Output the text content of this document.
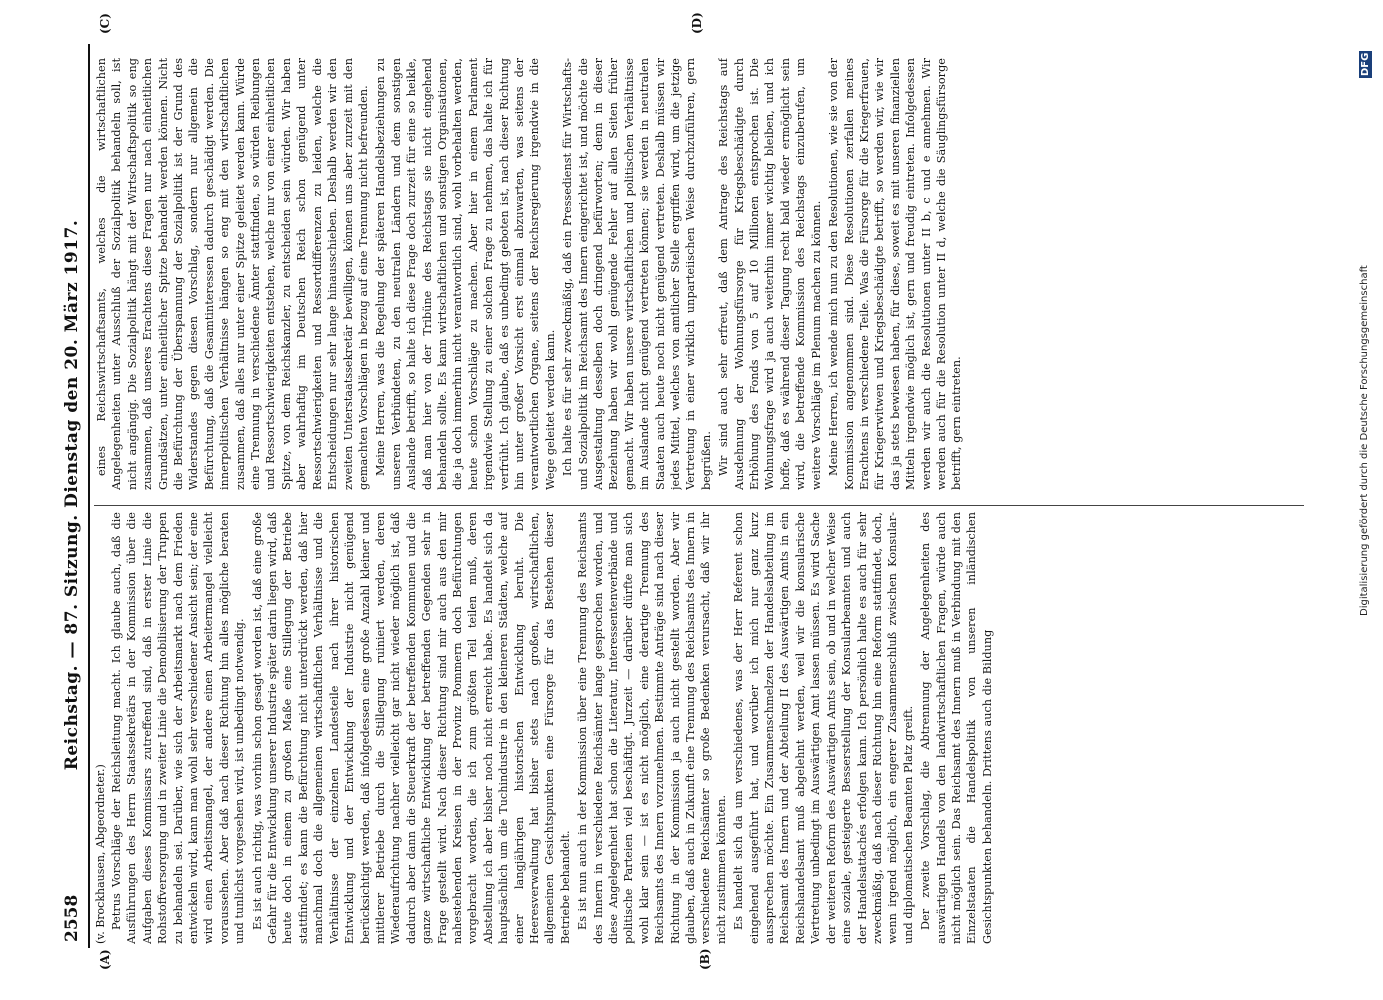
Reichstag. — 87. Sitzung. Dienstag den 20. März 1917.
2558 (v. Brockhausen, Abgeordneter.) Petrus Vorschläge der Reichsleitung macht. Ich glaube auch, daß die Ausführungen des Herrn Staatssekretärs in der Kommission über die Aufgaben dieses Kommissars zutreffend sind, daß in erster Linie die Rohstoffversorgung und in zweiter Linie die Demobilisierung der Truppen zu behandeln sei. Darüber, wie sich der Arbeitsmarkt nach dem Frieden entwickeln wird, kann man wohl sehr verschiedener Ansicht sein; der eine wird einen Arbeitsmangel, der andere einen Arbeitermangel vielleicht voraussehen. Aber daß nach dieser Richtung hin alles mögliche beraten und tunlichst vorgesehen wird, ist unbedingt notwendig. Es ist auch richtig, was vorhin schon gesagt worden ist, daß eine große Gefahr für die Entwicklung unserer Industrie später darin liegen wird, daß heute doch in einem zu großen Maße eine Stillegung der Betriebe stattfindet; es kann die Befürchtung nicht unterdrückt werden, daß hier manchmal doch die allgemeinen wirtschaftlichen Verhältnisse und die Verhältnisse der einzelnen Landesteile nach ihrer historischen Entwicklung und der Entwicklung der Industrie nicht genügend berücksichtigt werden, daß infolgedessen eine große Anzahl kleiner und mittlerer Betriebe durch die Stillegung ruiniert werden, deren Wiederaufrichtung nachher vielleicht gar nicht wieder möglich ist, daß dadurch aber dann die Steuerkraft der betreffenden Kommunen und die ganze wirtschaftliche Entwicklung der betreffenden Gegenden sehr in Frage gestellt wird. Nach dieser Richtung sind mir auch aus den mir nahestehenden Kreisen in der Provinz Pommern doch Befürchtungen vorgebracht worden, die ich zum größten Teil teilen muß, deren Abstellung ich aber bisher noch nicht erreicht habe. Es handelt sich da hauptsächlich um die Tuchindustrie in den kleineren Städten, welche auf einer langjährigen historischen Entwicklung beruht. Die Heeresverwaltung hat bisher stets nach großen, wirtschaftlichen, allgemeinen Gesichtspunkten eine Fürsorge für das Bestehen dieser Betriebe behandelt. Es ist nun auch in der Kommission über eine Trennung des Reichsamts des Innern in verschiedene Reichsämter lange gesprochen worden, und diese Angelegenheit hat schon die Literatur, Interessentenverbände und politische Parteien viel beschäftigt. Jurzeit — darüber dürfte man sich wohl klar sein — ist es nicht möglich, eine derartige Trennung des Reichsamts des Innern vorzunehmen. Bestimmte Anträge sind nach dieser Richtung in der Kommission ja auch nicht gestellt worden. Aber wir glauben, daß auch in Zukunft eine Trennung des Reichsamts des Innern in verschiedene Reichsämter so große Bedenken verursacht, daß wir ihr nicht zustimmen könnten. Es handelt sich da um verschiedenes, was der Herr Referent schon eingehend ausgeführt hat, und worüber ich mich nur ganz kurz aussprechen möchte. Ein Zusammenschmelzen der Handelsabteilung im Reichsamt des Innern und der Abteilung II des Auswärtigen Amts in ein Reichshandelsamt muß abgelehnt werden, weil wir die konsularische Vertretung unbedingt im Auswärtigen Amt lassen müssen. Es wird Sache der weiteren Reform des Auswärtigen Amts sein, ob und in welcher Weise eine soziale, gesteigerte Besserstellung der Konsularbeamten und auch der Handelsattachés erfolgen kann. Ich persönlich halte es auch für sehr zweckmäßig, daß nach dieser Richtung hin eine Reform stattfindet, doch, wenn irgend möglich, ein engerer Zusammenschluß zwischen Konsular- und diplomatischen Beamten Platz greift. Der zweite Vorschlag, die Abtrennung der Angelegenheiten des auswärtigen Handels von den landwirtschaftlichen Fragen, würde auch nicht möglich sein. Das Reichsamt des Innern muß in Verbindung mit den Einzelstaaten die Handelspolitik von unseren inländischen Gesichtspunkten behandeln. Drittens auch die Bildung

eines Reichswirtschaftsamts, welches die wirtschaftlichen Angelegenheiten unter Ausschluß der Sozialpolitik behandeln soll, ist nicht angängig. Die Sozialpolitik hängt mit der Wirtschaftspolitik so eng zusammen, daß unseres Erachtens diese Fragen nur nach einheitlichen Grundsätzen, unter einheitlicher Spitze behandelt werden können. Nicht die Befürchtung der Überspannung der Sozialpolitik ist der Grund des Widerstandes gegen diesen Vorschlag, sondern nur allgemein die Befürchtung, daß die Gesamtinteressen dadurch geschädigt werden. Die innerpolitischen Verhältnisse hängen so eng mit den wirtschaftlichen zusammen, daß alles nur unter einer Spitze geleitet werden kann. Würde eine Trennung in verschiedene Ämter stattfinden, so würden Reibungen und Ressortschwierigkeiten entstehen, welche nur von einer einheitlichen Spitze, von dem Reichskanzler, zu entscheiden sein würden. Wir haben aber wahrhaftig im Deutschen Reich schon genügend unter Ressortschwierigkeiten und Ressortdifferenzen zu leiden, welche die Entscheidungen nur sehr lange hinausschieben. Deshalb werden wir den zweiten Unterstaatssekretär bewilligen, können uns aber zurzeit mit den gemachten Vorschlägen in bezug auf eine Trennung nicht befreunden. Meine Herren, was die Regelung der späteren Handelsbeziehungen zu unseren Verbündeten, zu den neutralen Ländern und dem sonstigen Auslande betrifft, so halte ich diese Frage doch zurzeit für eine so heikle, daß man hier von der Tribüne des Reichstags sie nicht eingehend behandeln sollte. Es kann wirtschaftlichen und sonstigen Organisationen, die ja doch immerhin nicht verantwortlich sind, wohl vorbehalten werden, heute schon Vorschläge zu machen. Aber hier in einem Parlament irgendwie Stellung zu einer solchen Frage zu nehmen, das halte ich für verfrüht. Ich glaube, daß es unbedingt geboten ist, nach dieser Richtung hin unter großer Vorsicht erst einmal abzuwarten, was seitens der verantwortlichen Organe, seitens der Reichsregierung irgendwie in die Wege geleitet werden kann. Ich halte es für sehr zweckmäßig, daß ein Pressedienst für Wirtschafts- und Sozialpolitik im Reichsamt des Innern eingerichtet ist, und möchte die Ausgestaltung desselben doch dringend befürworten; denn in dieser Beziehung haben wir wohl genügende Fehler auf allen Seiten früher gemacht. Wir haben unsere wirtschaftlichen und politischen Verhältnisse im Auslande nicht genügend vertreten können; sie werden in neutralen Staaten auch heute noch nicht genügend vertreten. Deshalb müssen wir jedes Mittel, welches von amtlicher Stelle ergriffen wird, um die jetzige Vertretung in einer wirklich unparteiischen Weise durchzuführen, gern begrüßen. Wir sind auch sehr erfreut, daß dem Antrage des Reichstags auf Ausdehnung der Wohnungsfürsorge für Kriegsbeschädigte durch Erhöhung des Fonds von 5 auf 10 Millionen entsprochen ist. Die Wohnungsfrage wird ja auch weiterhin immer wichtig bleiben, und ich hoffe, daß es während dieser Tagung recht bald wieder ermöglicht sein wird, die betreffende Kommission des Reichstags einzuberufen, um weitere Vorschläge im Plenum machen zu können. Meine Herren, ich wende mich nun zu den Resolutionen, wie sie von der Kommission angenommen sind. Diese Resolutionen zerfallen meines Erachtens in verschiedene Teile. Was die Fürsorge für die Kriegerfrauen, für Kriegerwitwen und Kriegsbeschädigte betrifft, so werden wir, wie wir das ja stets bewiesen haben, für diese, soweit es mit unseren finanziellen Mitteln irgendwie möglich ist, gern und freudig eintreten. Infolgedessen werden wir auch die Resolutionen unter II b, c und e annehmen. Wir werden auch für die Resolution unter II d, welche die Säuglingsfürsorge betrifft, gern eintreten.

(A)	(B)
(C)	(D)
DFG
Digitalisierung gefördert durch die Deutsche Forschungsgemeinschaft
